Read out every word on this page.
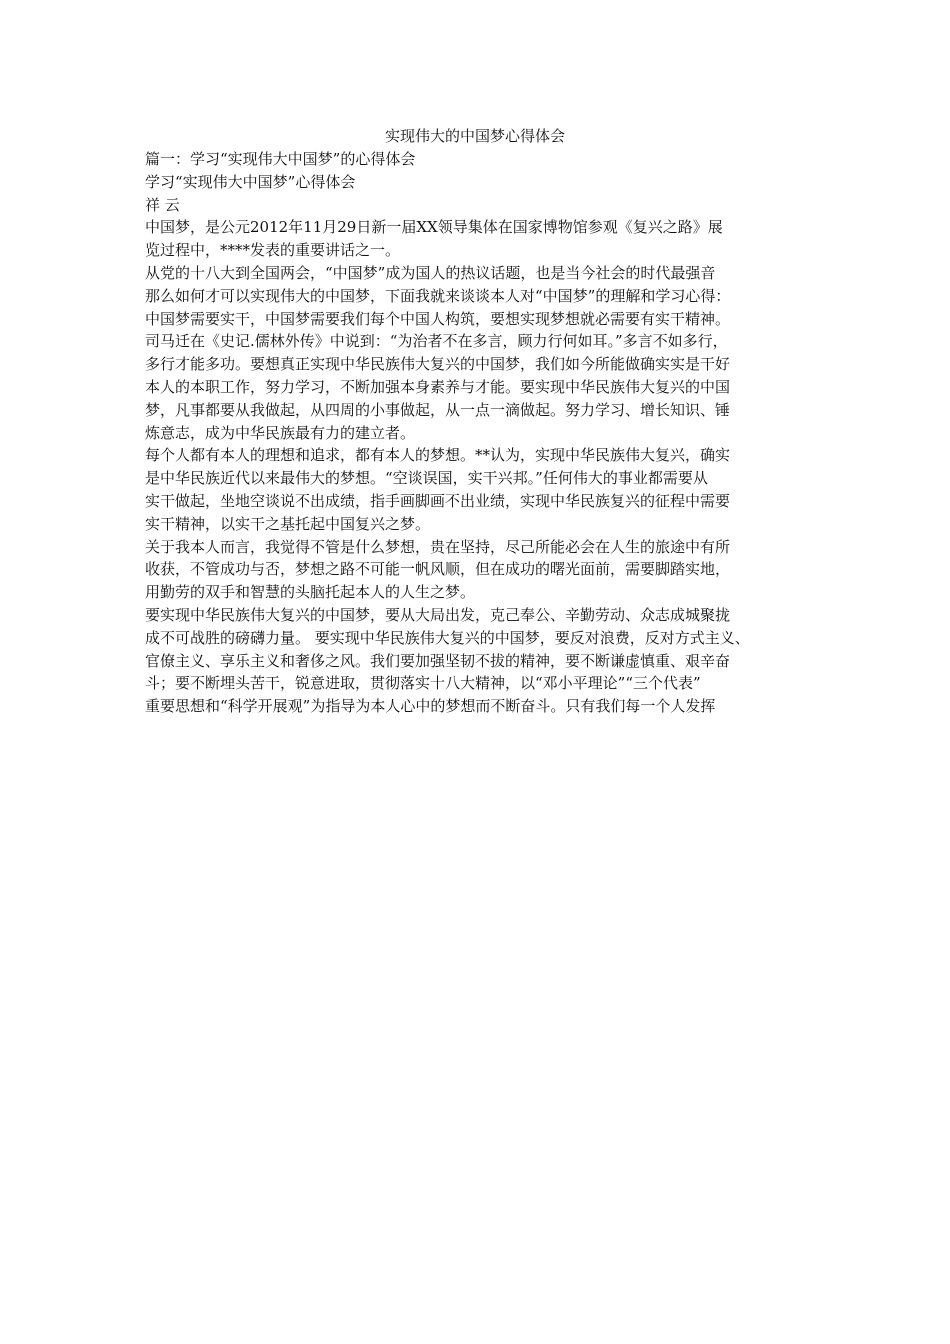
实现伟大的中国梦心得体会
篇一：学习“实现伟大中国梦”的心得体会
学习“实现伟大中国梦”心得体会
祥 云
中国梦，是公元2012年11月29日新一届XX领导集体在国家博物馆参观《复兴之路》展
览过程中，****发表的重要讲话之一。
从党的十八大到全国两会，“中国梦”成为国人的热议话题，也是当今社会的时代最强音
那么如何才可以实现伟大的中国梦，下面我就来谈谈本人对“中国梦”的理解和学习心得：
中国梦需要实干，中国梦需要我们每个中国人构筑，要想实现梦想就必需要有实干精神。
司马迁在《史记.儒林外传》中说到：“为治者不在多言，顾力行何如耳。”多言不如多行，
多行才能多功。要想真正实现中华民族伟大复兴的中国梦，我们如今所能做确实实是干好
本人的本职工作，努力学习，不断加强本身素养与才能。要实现中华民族伟大复兴的中国
梦，凡事都要从我做起，从四周的小事做起，从一点一滴做起。努力学习、增长知识、锤
炼意志，成为中华民族最有力的建立者。
每个人都有本人的理想和追求，都有本人的梦想。**认为，实现中华民族伟大复兴，确实
是中华民族近代以来最伟大的梦想。“空谈误国，实干兴邦。”任何伟大的事业都需要从
实干做起，坐地空谈说不出成绩，指手画脚画不出业绩，实现中华民族复兴的征程中需要
实干精神，以实干之基托起中国复兴之梦。
关于我本人而言，我觉得不管是什么梦想，贵在坚持，尽己所能必会在人生的旅途中有所
收获，不管成功与否，梦想之路不可能一帆风顺，但在成功的曙光面前，需要脚踏实地，
用勤劳的双手和智慧的头脑托起本人的人生之梦。
要实现中华民族伟大复兴的中国梦，要从大局出发，克己奉公、辛勤劳动、众志成城聚拢
成不可战胜的磅礴力量。 要实现中华民族伟大复兴的中国梦，要反对浪费，反对方式主义、
官僚主义、享乐主义和奢侈之风。我们要加强坚韧不拔的精神，要不断谦虚慎重、艰辛奋
斗；要不断埋头苦干，锐意进取，贯彻落实十八大精神，以“邓小平理论”“三个代表”
重要思想和“科学开展观”为指导为本人心中的梦想而不断奋斗。只有我们每一个人发挥
